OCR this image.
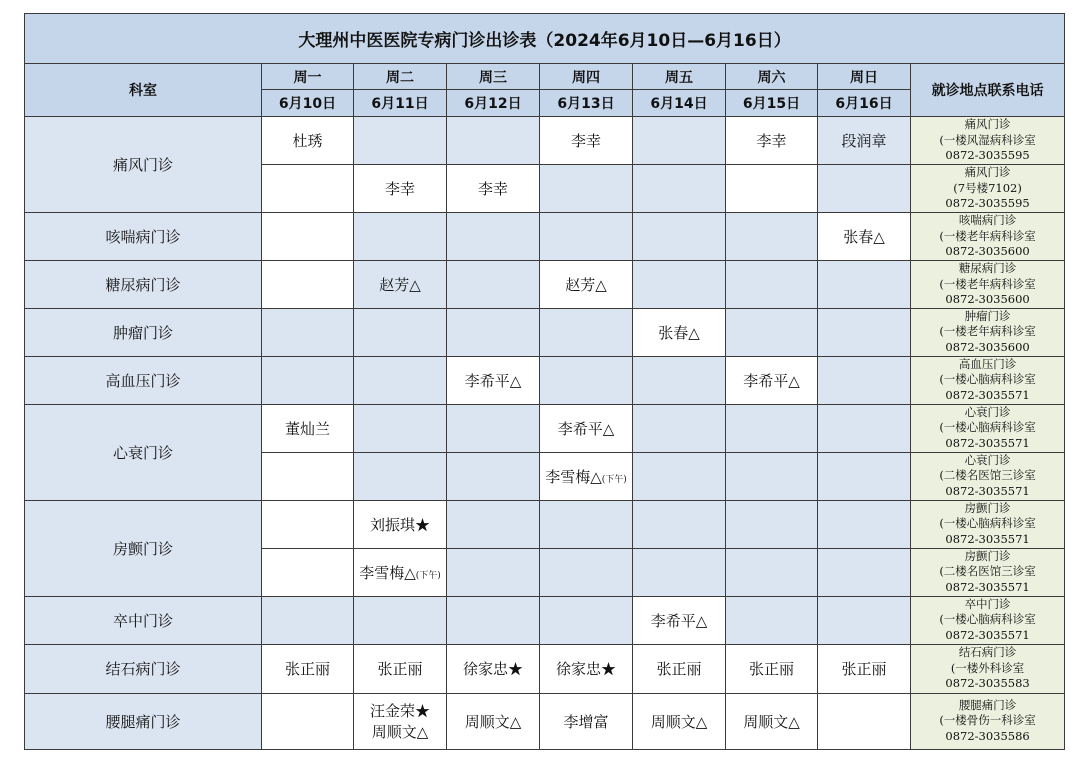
大理州中医医院专病门诊出诊表（2024年6月10日—6月16日）								
科室	周一	周二	周三	周四	周五	周六	周日	就诊地点联系电话
	6月10日	6月11日	6月12日	6月13日	6月14日	6月15日	6月16日	
痛风门诊	杜琇			李幸		李幸	段润章	痛风门诊
(一楼风湿病科诊室
0872-3035595

		李幸	李幸					痛风门诊
(7号楼7102)
0872-3035595

咳喘病门诊							张春△	咳喘病门诊
(一楼老年病科诊室
0872-3035600

糖尿病门诊		赵芳△		赵芳△				糖尿病门诊
(一楼老年病科诊室
0872-3035600

肿瘤门诊					张春△			肿瘤门诊
(一楼老年病科诊室
0872-3035600

高血压门诊			李希平△			李希平△		高血压门诊
(一楼心脑病科诊室
0872-3035571

心衰门诊	董灿兰			李希平△				心衰门诊
(一楼心脑病科诊室
0872-3035571

				李雪梅△(下午)				心衰门诊
(二楼名医馆三诊室
0872-3035571

房颤门诊		刘振琪★						房颤门诊
(一楼心脑病科诊室
0872-3035571

		李雪梅△(下午)						房颤门诊
(二楼名医馆三诊室
0872-3035571

卒中门诊					李希平△			卒中门诊
(一楼心脑病科诊室
0872-3035571

结石病门诊	张正丽	张正丽	徐家忠★	徐家忠★	张正丽	张正丽	张正丽	结石病门诊
(一楼外科诊室
0872-3035583

腰腿痛门诊		汪金荣★
周顺文△	周顺文△	李增富	周顺文△	周顺文△		腰腿痛门诊
(一楼骨伤一科诊室
0872-3035586
